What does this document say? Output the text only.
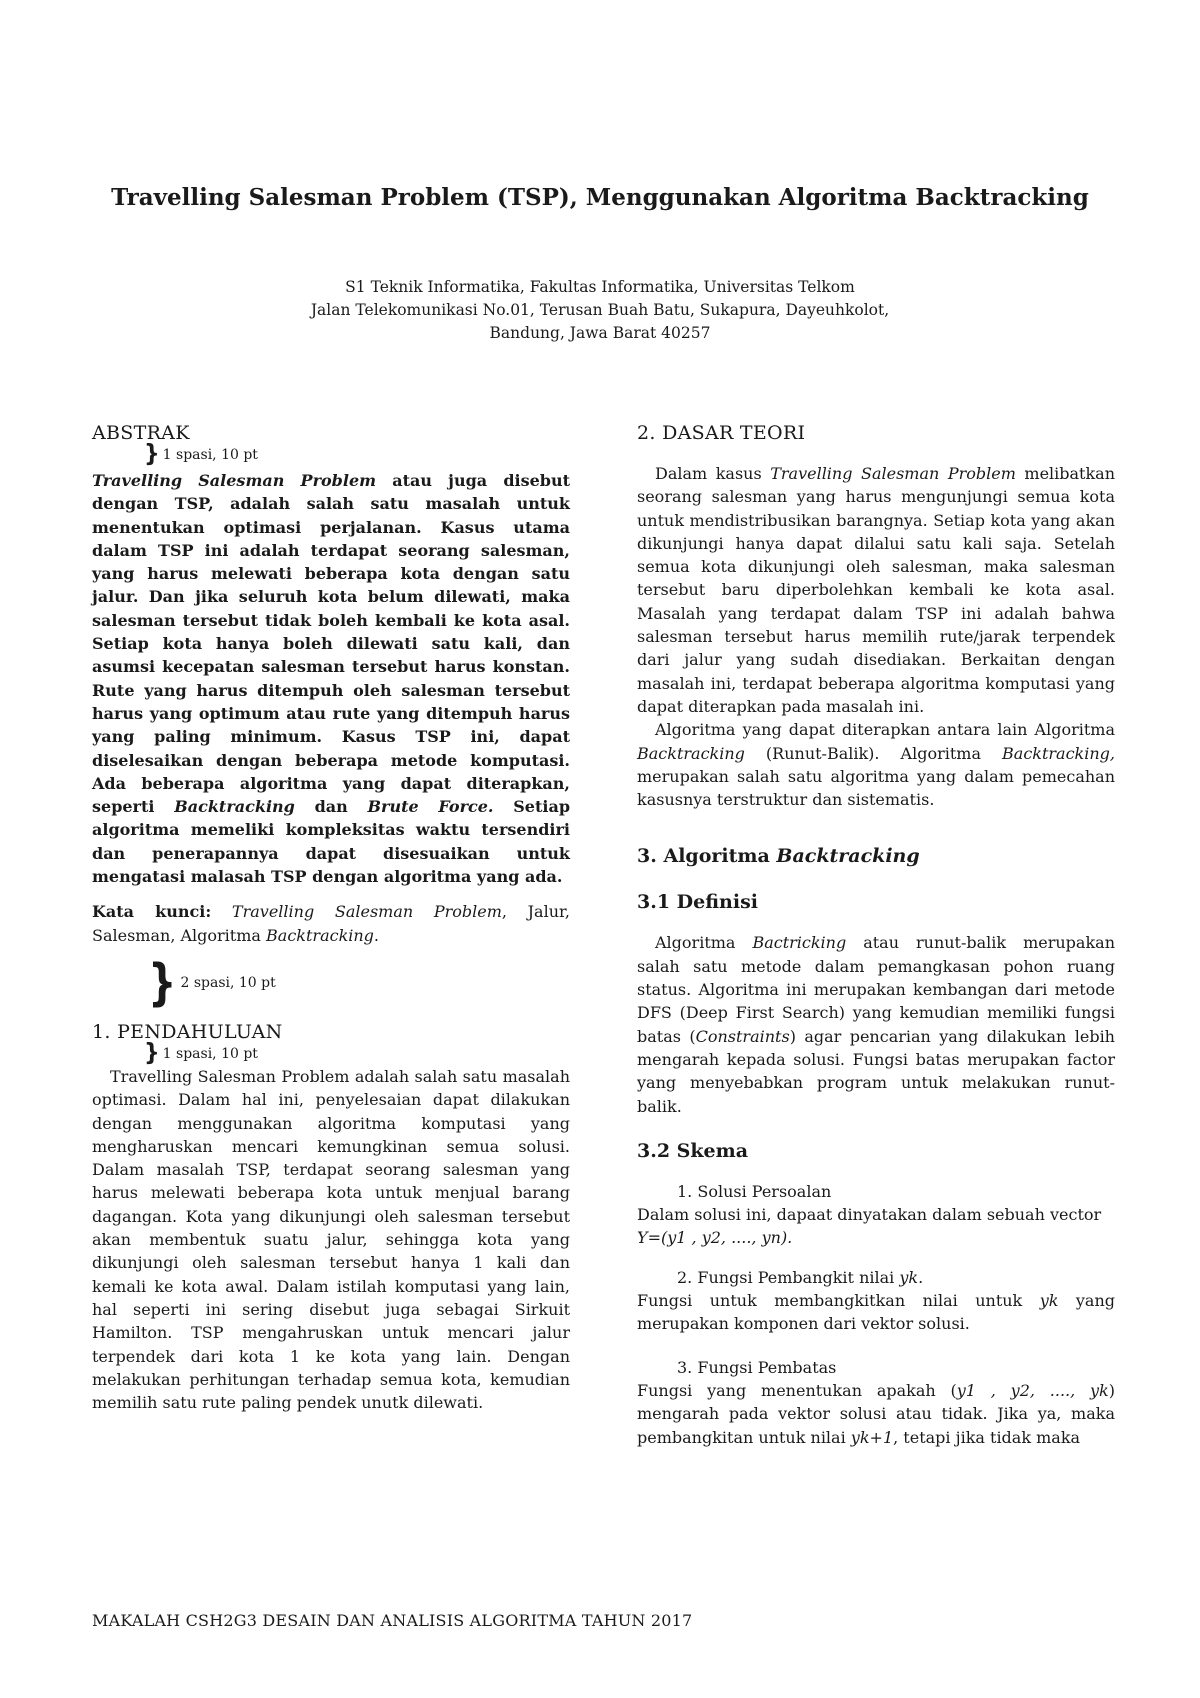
Travelling Salesman Problem (TSP), Menggunakan Algoritma Backtracking
S1 Teknik Informatika, Fakultas Informatika, Universitas Telkom
Jalan Telekomunikasi No.01, Terusan Buah Batu, Sukapura, Dayeuhkolot,
Bandung, Jawa Barat 40257
ABSTRAK
} 1 spasi, 10 pt

Travelling Salesman Problem atau juga disebut dengan TSP, adalah salah satu masalah untuk menentukan optimasi perjalanan. Kasus utama dalam TSP ini adalah terdapat seorang salesman, yang harus melewati beberapa kota dengan satu jalur. Dan jika seluruh kota belum dilewati, maka salesman tersebut tidak boleh kembali ke kota asal. Setiap kota hanya boleh dilewati satu kali, dan asumsi kecepatan salesman tersebut harus konstan. Rute yang harus ditempuh oleh salesman tersebut harus yang optimum atau rute yang ditempuh harus yang paling minimum. Kasus TSP ini, dapat diselesaikan dengan beberapa metode komputasi. Ada beberapa algoritma yang dapat diterapkan, seperti Backtracking dan Brute Force. Setiap algoritma memeliki kompleksitas waktu tersendiri dan penerapannya dapat disesuaikan untuk mengatasi malasah TSP dengan algoritma yang ada.

Kata kunci: Travelling Salesman Problem, Jalur, Salesman, Algoritma Backtracking.

} 2 spasi, 10 pt
1. PENDAHULUAN
} 1 spasi, 10 pt

Travelling Salesman Problem adalah salah satu masalah optimasi. Dalam hal ini, penyelesaian dapat dilakukan dengan menggunakan algoritma komputasi yang mengharuskan mencari kemungkinan semua solusi. Dalam masalah TSP, terdapat seorang salesman yang harus melewati beberapa kota untuk menjual barang dagangan. Kota yang dikunjungi oleh salesman tersebut akan membentuk suatu jalur, sehingga kota yang dikunjungi oleh salesman tersebut hanya 1 kali dan kemali ke kota awal. Dalam istilah komputasi yang lain, hal seperti ini sering disebut juga sebagai Sirkuit Hamilton. TSP mengahruskan untuk mencari jalur terpendek dari kota 1 ke kota yang lain. Dengan melakukan perhitungan terhadap semua kota, kemudian memilih satu rute paling pendek unutk dilewati.

2. DASAR TEORI

Dalam kasus Travelling Salesman Problem melibatkan seorang salesman yang harus mengunjungi semua kota untuk mendistribusikan barangnya. Setiap kota yang akan dikunjungi hanya dapat dilalui satu kali saja. Setelah semua kota dikunjungi oleh salesman, maka salesman tersebut baru diperbolehkan kembali ke kota asal. Masalah yang terdapat dalam TSP ini adalah bahwa salesman tersebut harus memilih rute/jarak terpendek dari jalur yang sudah disediakan. Berkaitan dengan masalah ini, terdapat beberapa algoritma komputasi yang dapat diterapkan pada masalah ini.

Algoritma yang dapat diterapkan antara lain Algoritma Backtracking (Runut-Balik). Algoritma Backtracking, merupakan salah satu algoritma yang dalam pemecahan kasusnya terstruktur dan sistematis.

3. Algoritma Backtracking
3.1 Definisi

Algoritma Bactricking atau runut-balik merupakan salah satu metode dalam pemangkasan pohon ruang status. Algoritma ini merupakan kembangan dari metode DFS (Deep First Search) yang kemudian memiliki fungsi batas (Constraints) agar pencarian yang dilakukan lebih mengarah kepada solusi. Fungsi batas merupakan factor yang menyebabkan program untuk melakukan runut-balik.

3.2 Skema

1. Solusi Persoalan

Dalam solusi ini, dapaat dinyatakan dalam sebuah vector

Y=(y1 , y2, ...., yn).

2. Fungsi Pembangkit nilai yk.

Fungsi untuk membangkitkan nilai untuk yk yang merupakan komponen dari vektor solusi.

3. Fungsi Pembatas

Fungsi yang menentukan apakah (y1 , y2, ...., yk) mengarah pada vektor solusi atau tidak. Jika ya, maka pembangkitan untuk nilai yk+1, tetapi jika tidak maka

MAKALAH CSH2G3 DESAIN DAN ANALISIS ALGORITMA TAHUN 2017
